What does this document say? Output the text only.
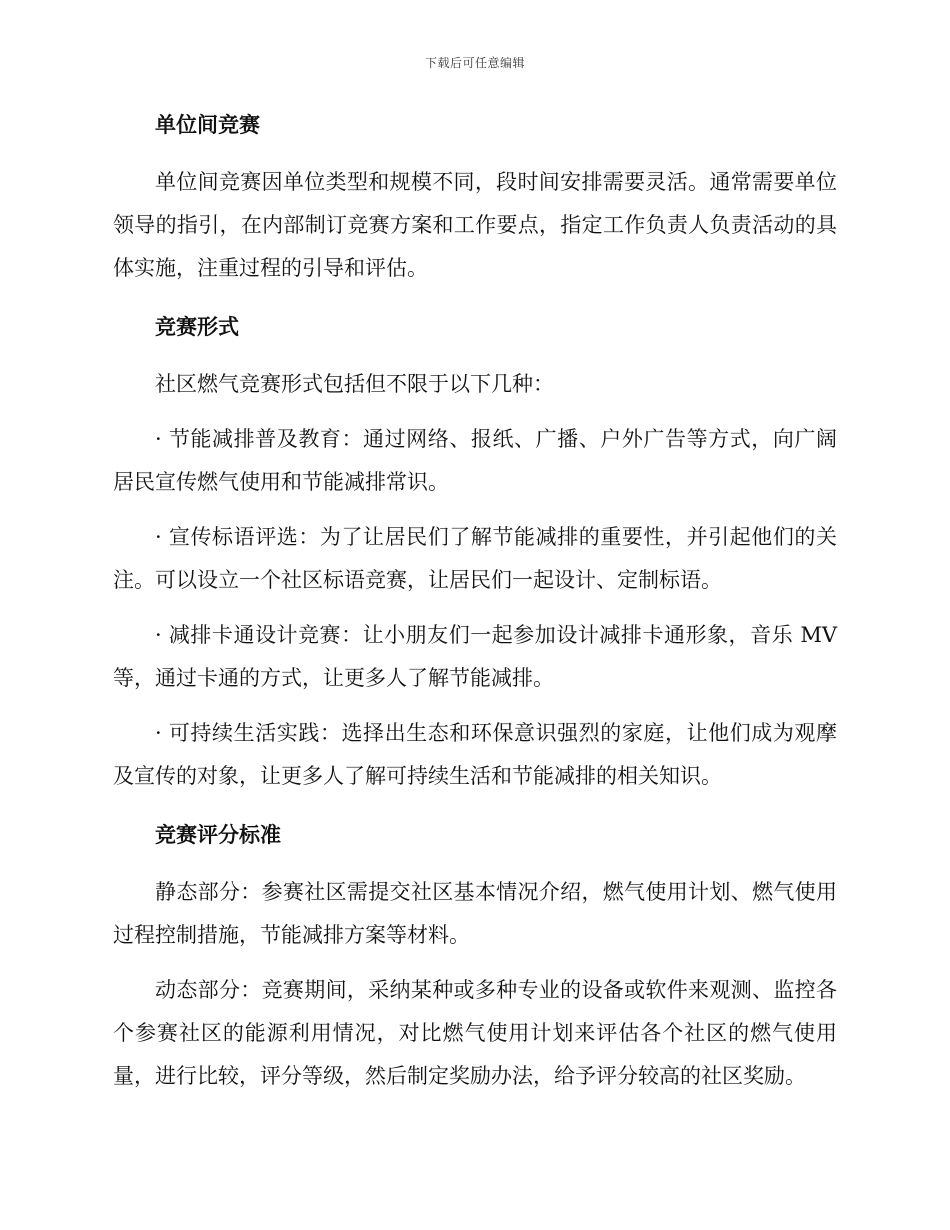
下载后可任意编辑
单位间竞赛

单位间竞赛因单位类型和规模不同，段时间安排需要灵活。通常需要单位领导的指引，在内部制订竞赛方案和工作要点，指定工作负责人负责活动的具体实施，注重过程的引导和评估。

竞赛形式

社区燃气竞赛形式包括但不限于以下几种：

· 节能减排普及教育：通过网络、报纸、广播、户外广告等方式，向广阔居民宣传燃气使用和节能减排常识。

· 宣传标语评选：为了让居民们了解节能减排的重要性，并引起他们的关注。可以设立一个社区标语竞赛，让居民们一起设计、定制标语。

· 减排卡通设计竞赛：让小朋友们一起参加设计减排卡通形象，音乐 MV 等，通过卡通的方式，让更多人了解节能减排。

· 可持续生活实践：选择出生态和环保意识强烈的家庭，让他们成为观摩及宣传的对象，让更多人了解可持续生活和节能减排的相关知识。

竞赛评分标准

静态部分：参赛社区需提交社区基本情况介绍，燃气使用计划、燃气使用过程控制措施，节能减排方案等材料。

动态部分：竞赛期间，采纳某种或多种专业的设备或软件来观测、监控各个参赛社区的能源利用情况，对比燃气使用计划来评估各个社区的燃气使用量，进行比较，评分等级，然后制定奖励办法，给予评分较高的社区奖励。
